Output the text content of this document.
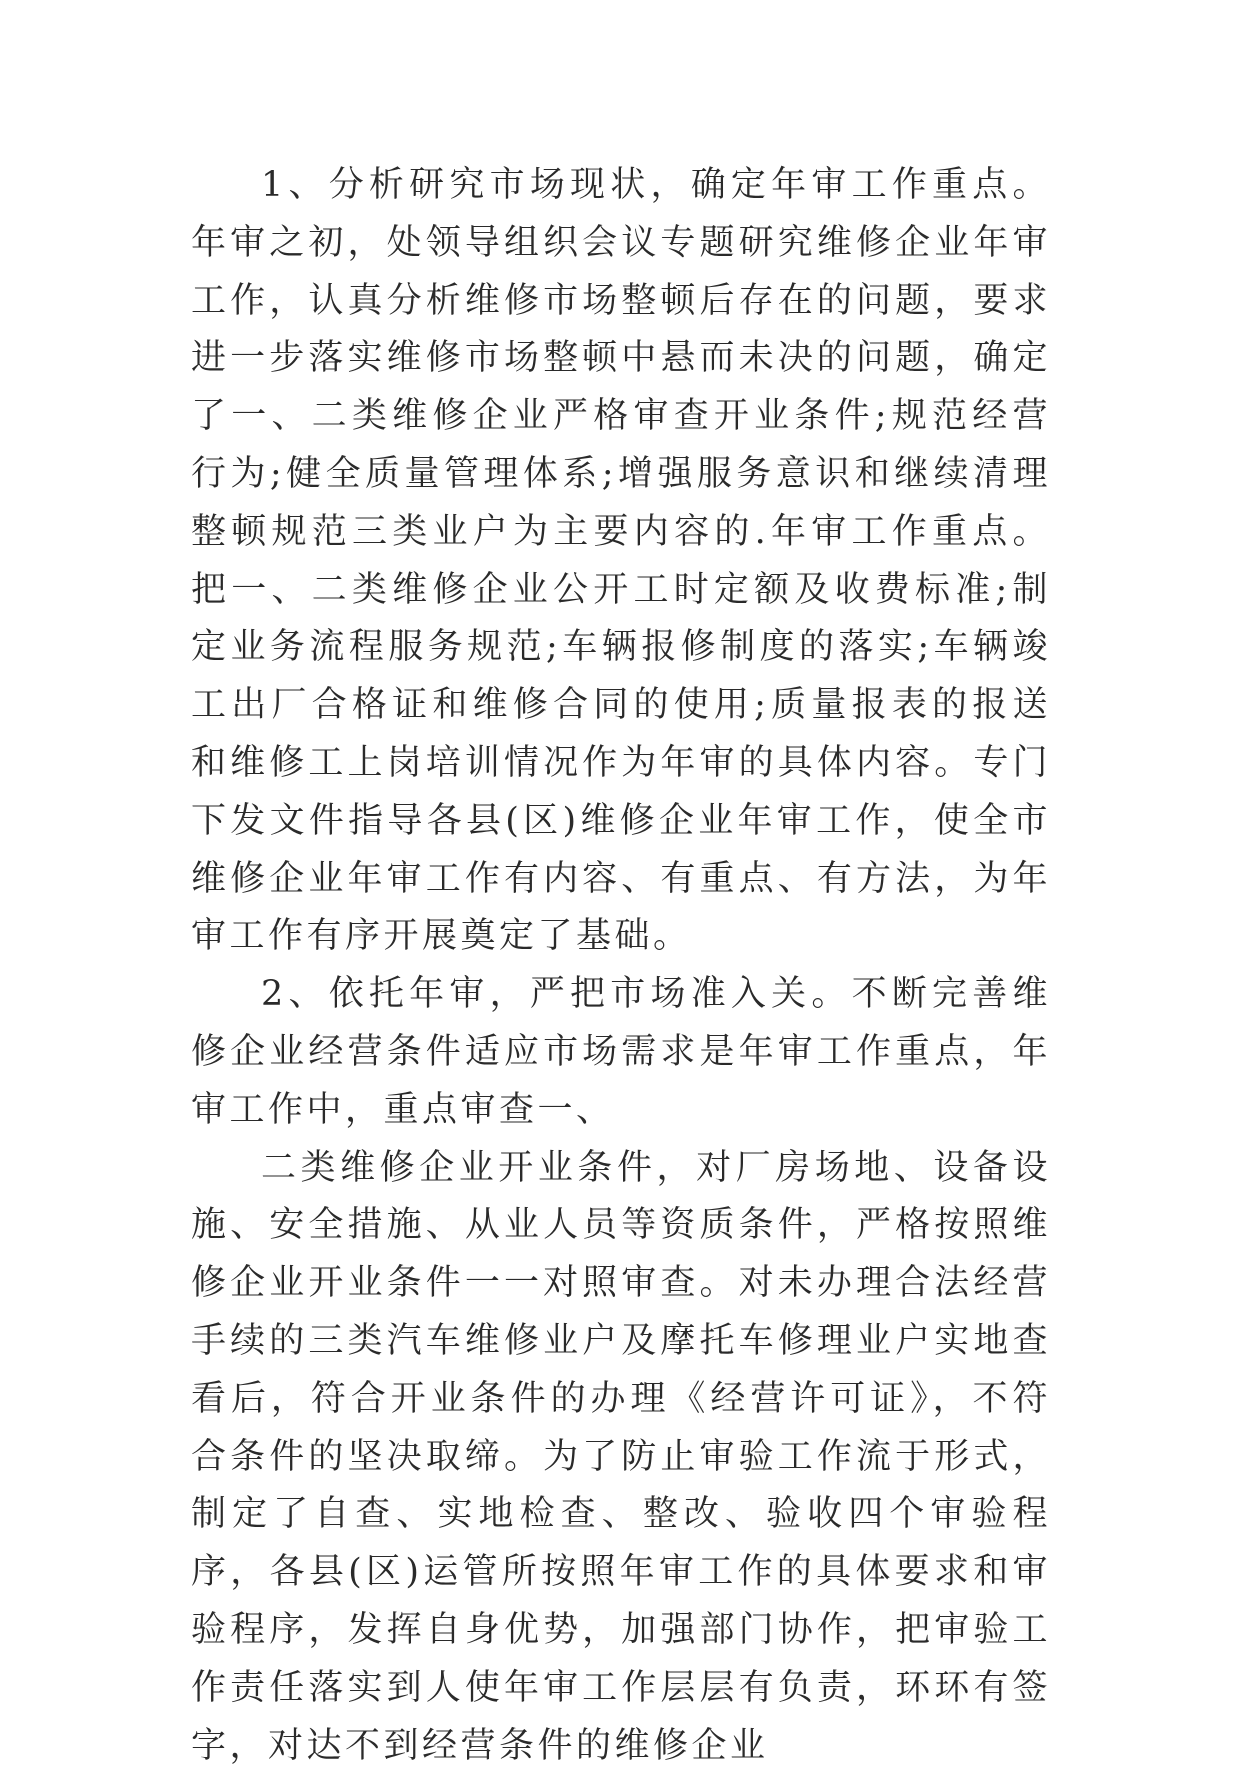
1、分析研究市场现状，确定年审工作重点。年审之初，处领导组织会议专题研究维修企业年审工作，认真分析维修市场整顿后存在的问题，要求进一步落实维修市场整顿中悬而未决的问题，确定了一、二类维修企业严格审查开业条件;规范经营行为;健全质量管理体系;增强服务意识和继续清理整顿规范三类业户为主要内容的.年审工作重点。把一、二类维修企业公开工时定额及收费标准;制定业务流程服务规范;车辆报修制度的落实;车辆竣工出厂合格证和维修合同的使用;质量报表的报送和维修工上岗培训情况作为年审的具体内容。专门下发文件指导各县(区)维修企业年审工作，使全市维修企业年审工作有内容、有重点、有方法，为年审工作有序开展奠定了基础。

2、依托年审，严把市场准入关。不断完善维修企业经营条件适应市场需求是年审工作重点，年审工作中，重点审查一、

二类维修企业开业条件，对厂房场地、设备设施、安全措施、从业人员等资质条件，严格按照维修企业开业条件一一对照审查。对未办理合法经营手续的三类汽车维修业户及摩托车修理业户实地查看后，符合开业条件的办理《经营许可证》，不符合条件的坚决取缔。为了防止审验工作流于形式，制定了自查、实地检查、整改、验收四个审验程序，各县(区)运管所按照年审工作的具体要求和审验程序，发挥自身优势，加强部门协作，把审验工作责任落实到人使年审工作层层有负责，环环有签字，对达不到经营条件的维修企业
